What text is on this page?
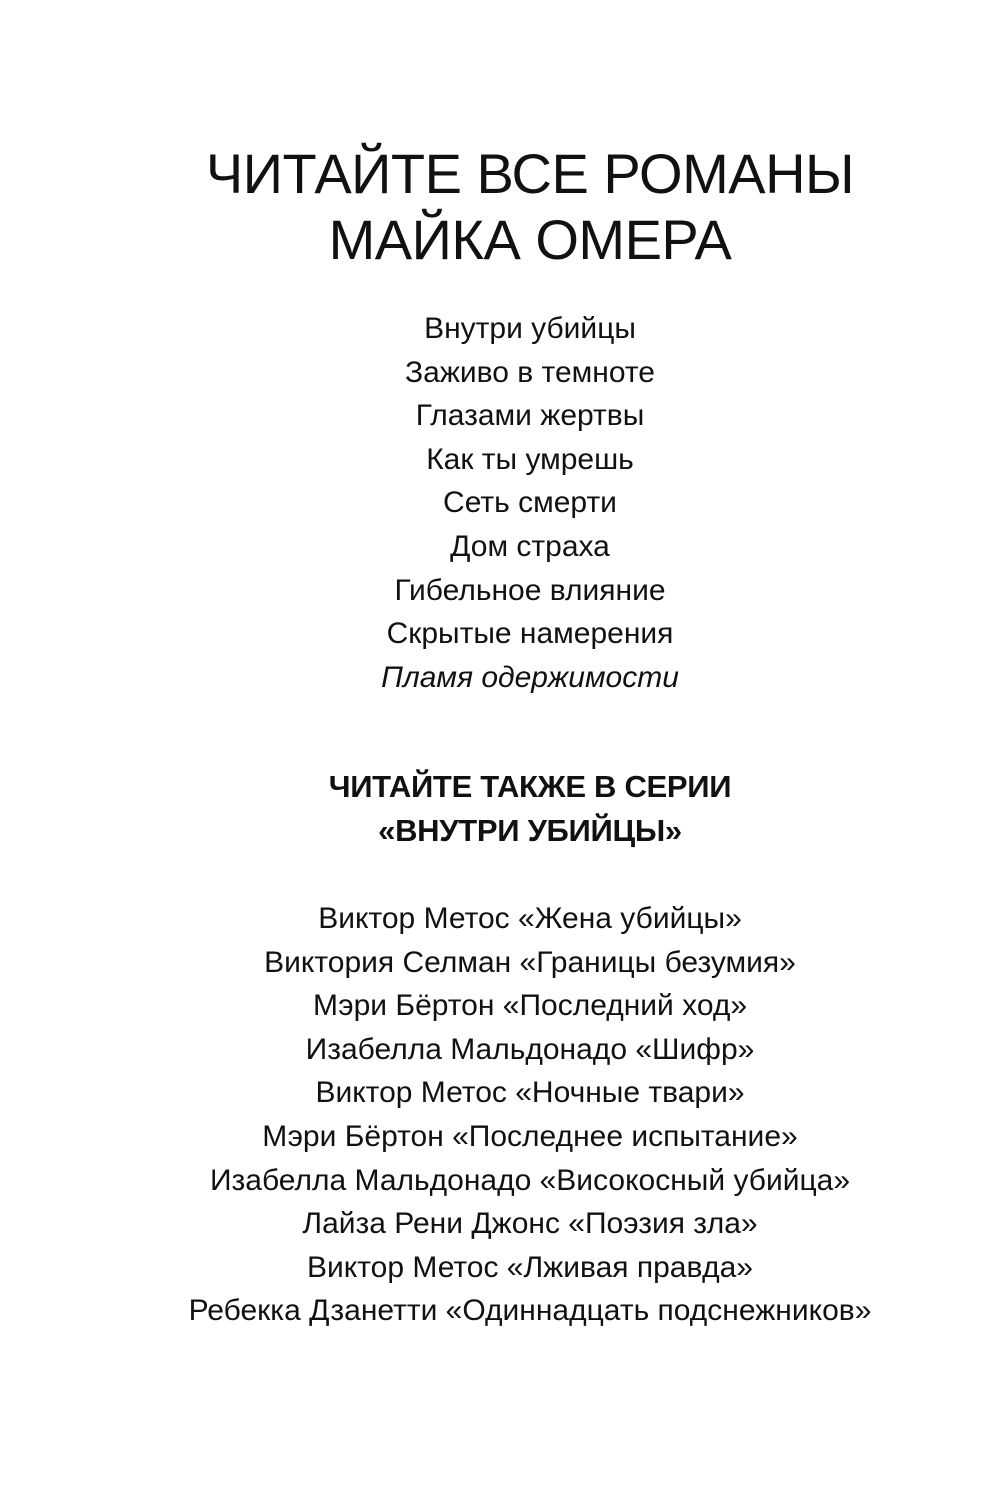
ЧИТАЙТЕ ВСЕ РОМАНЫ
МАЙКА ОМЕРА
Внутри убийцы
Заживо в темноте
Глазами жертвы
Как ты умрешь
Сеть смерти
Дом страха
Гибельное влияние
Скрытые намерения
Пламя одержимости
ЧИТАЙТЕ ТАКЖЕ В СЕРИИ
«ВНУТРИ УБИЙЦЫ»
Виктор Метос «Жена убийцы»
Виктория Селман «Границы безумия»
Мэри Бёртон «Последний ход»
Изабелла Мальдонадо «Шифр»
Виктор Метос «Ночные твари»
Мэри Бёртон «Последнее испытание»
Изабелла Мальдонадо «Високосный убийца»
Лайза Рени Джонс «Поэзия зла»
Виктор Метос «Лживая правда»
Ребекка Дзанетти «Одиннадцать подснежников»
